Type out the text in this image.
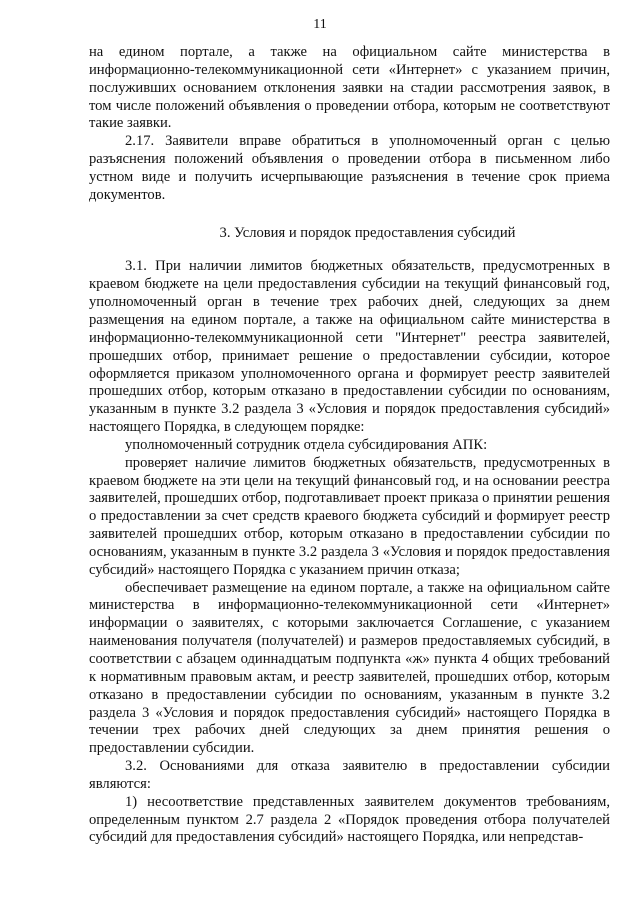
11

на едином портале, а также на официальном сайте министерства в информационно-телекоммуникационной сети «Интернет» с указанием причин, послуживших основанием отклонения заявки на стадии рассмотрения заявок, в том числе положений объявления о проведении отбора, которым не соответствуют такие заявки.

2.17. Заявители вправе обратиться в уполномоченный орган с целью разъяснения положений объявления о проведении отбора в письменном либо устном виде и получить исчерпывающие разъяснения в течение срок приема документов.

3. Условия и порядок предоставления субсидий

3.1. При наличии лимитов бюджетных обязательств, предусмотренных в краевом бюджете на цели предоставления субсидии на текущий финансовый год, уполномоченный орган в течение трех рабочих дней, следующих за днем размещения на едином портале, а также на официальном сайте министерства в информационно-телекоммуникационной сети "Интернет" реестра заявителей, прошедших отбор, принимает решение о предоставлении субсидии, которое оформляется приказом уполномоченного органа и формирует реестр заявителей прошедших отбор, которым отказано в предоставлении субсидии по основаниям, указанным в пункте 3.2 раздела 3 «Условия и порядок предоставления субсидий» настоящего Порядка, в следующем порядке:

уполномоченный сотрудник отдела субсидирования АПК:

проверяет наличие лимитов бюджетных обязательств, предусмотренных в краевом бюджете на эти цели на текущий финансовый год, и на основании реестра заявителей, прошедших отбор, подготавливает проект приказа о принятии решения о предоставлении за счет средств краевого бюджета субсидий и формирует реестр заявителей прошедших отбор, которым отказано в предоставлении субсидии по основаниям, указанным в пункте 3.2 раздела 3 «Условия и порядок предоставления субсидий» настоящего Порядка с указанием причин отказа;

обеспечивает размещение на едином портале, а также на официальном сайте министерства в информационно-телекоммуникационной сети «Интернет» информации о заявителях, с которыми заключается Соглашение, с указанием наименования получателя (получателей) и размеров предоставляемых субсидий, в соответствии с абзацем одиннадцатым подпункта «ж» пункта 4 общих требований к нормативным правовым актам, и реестр заявителей, прошедших отбор, которым отказано в предоставлении субсидии по основаниям, указанным в пункте 3.2 раздела 3 «Условия и порядок предоставления субсидий» настоящего Порядка в течении трех рабочих дней следующих за днем принятия решения о предоставлении субсидии.

3.2. Основаниями для отказа заявителю в предоставлении субсидии являются:

1) несоответствие представленных заявителем документов требованиям, определенным пунктом 2.7 раздела 2 «Порядок проведения отбора получателей субсидий для предоставления субсидий» настоящего Порядка, или непредстав-
